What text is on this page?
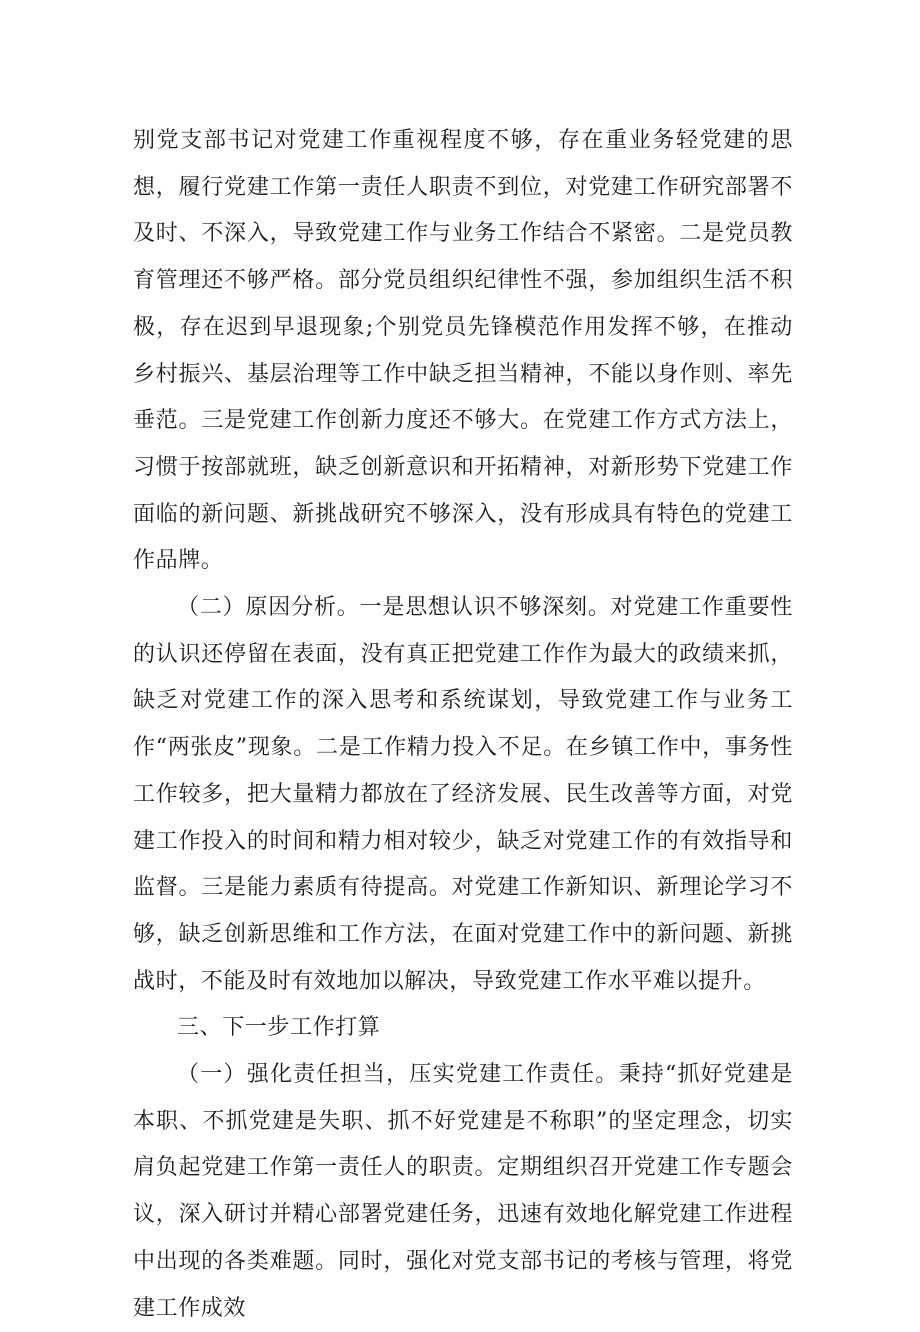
别党支部书记对党建工作重视程度不够，存在重业务轻党建的思想，履行党建工作第一责任人职责不到位，对党建工作研究部署不及时、不深入，导致党建工作与业务工作结合不紧密。二是党员教育管理还不够严格。部分党员组织纪律性不强，参加组织生活不积极，存在迟到早退现象;个别党员先锋模范作用发挥不够，在推动乡村振兴、基层治理等工作中缺乏担当精神，不能以身作则、率先垂范。三是党建工作创新力度还不够大。在党建工作方式方法上，习惯于按部就班，缺乏创新意识和开拓精神，对新形势下党建工作面临的新问题、新挑战研究不够深入，没有形成具有特色的党建工作品牌。

（二）原因分析。一是思想认识不够深刻。对党建工作重要性的认识还停留在表面，没有真正把党建工作作为最大的政绩来抓，缺乏对党建工作的深入思考和系统谋划，导致党建工作与业务工作“两张皮”现象。二是工作精力投入不足。在乡镇工作中，事务性工作较多，把大量精力都放在了经济发展、民生改善等方面，对党建工作投入的时间和精力相对较少，缺乏对党建工作的有效指导和监督。三是能力素质有待提高。对党建工作新知识、新理论学习不够，缺乏创新思维和工作方法，在面对党建工作中的新问题、新挑战时，不能及时有效地加以解决，导致党建工作水平难以提升。

三、下一步工作打算

（一）强化责任担当，压实党建工作责任。秉持“抓好党建是本职、不抓党建是失职、抓不好党建是不称职”的坚定理念，切实肩负起党建工作第一责任人的职责。定期组织召开党建工作专题会议，深入研讨并精心部署党建任务，迅速有效地化解党建工作进程中出现的各类难题。同时，强化对党支部书记的考核与管理，将党建工作成效
